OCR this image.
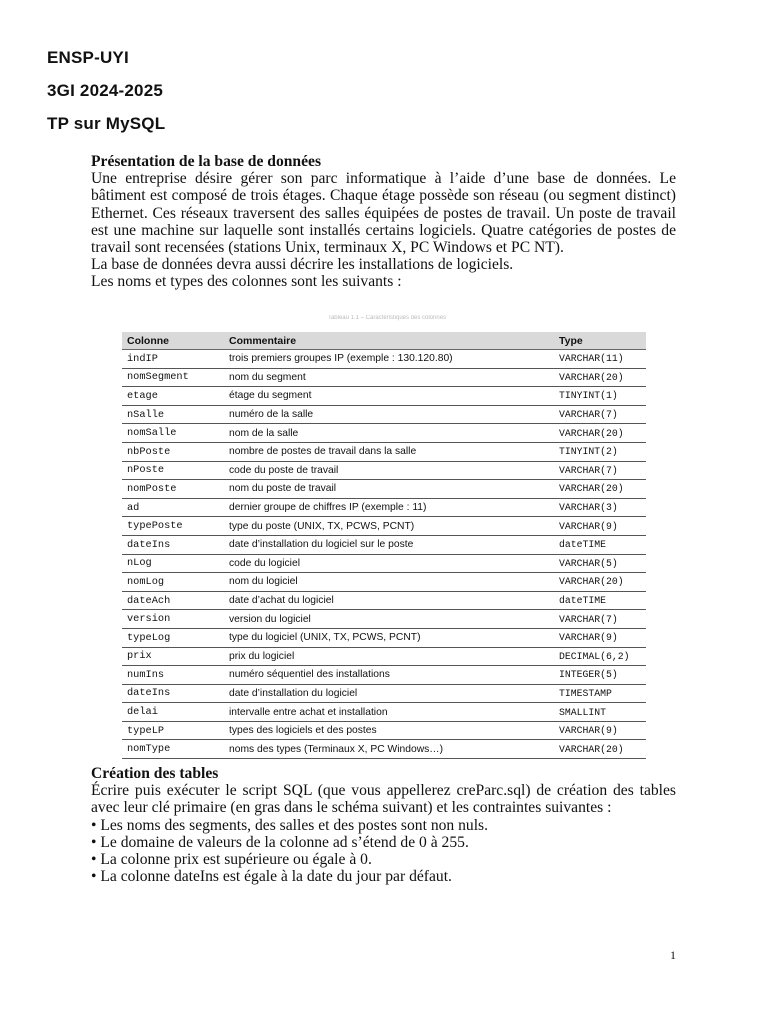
ENSP-UYI
3GI 2024-2025
TP sur MySQL
Présentation de la base de données

Une entreprise désire gérer son parc informatique à l’aide d’une base de données. Le bâtiment est composé de trois étages. Chaque étage possède son réseau (ou segment distinct) Ethernet. Ces réseaux traversent des salles équipées de postes de travail. Un poste de travail est une machine sur laquelle sont installés certains logiciels. Quatre catégories de postes de travail sont recensées (stations Unix, terminaux X, PC Windows et PC NT).

La base de données devra aussi décrire les installations de logiciels.

Les noms et types des colonnes sont les suivants :

Tableau 1.1 – Caractéristiques des colonnes
Colonne	Commentaire	Type
indIP	trois premiers groupes IP (exemple : 130.120.80)	VARCHAR(11)
nomSegment	nom du segment	VARCHAR(20)
etage	étage du segment	TINYINT(1)
nSalle	numéro de la salle	VARCHAR(7)
nomSalle	nom de la salle	VARCHAR(20)
nbPoste	nombre de postes de travail dans la salle	TINYINT(2)
nPoste	code du poste de travail	VARCHAR(7)
nomPoste	nom du poste de travail	VARCHAR(20)
ad	dernier groupe de chiffres IP (exemple : 11)	VARCHAR(3)
typePoste	type du poste (UNIX, TX, PCWS, PCNT)	VARCHAR(9)
dateIns	date d’installation du logiciel sur le poste	dateTIME
nLog	code du logiciel	VARCHAR(5)
nomLog	nom du logiciel	VARCHAR(20)
dateAch	date d’achat du logiciel	dateTIME
version	version du logiciel	VARCHAR(7)
typeLog	type du logiciel (UNIX, TX, PCWS, PCNT)	VARCHAR(9)
prix	prix du logiciel	DECIMAL(6,2)
numIns	numéro séquentiel des installations	INTEGER(5)
dateIns	date d’installation du logiciel	TIMESTAMP
delai	intervalle entre achat et installation	SMALLINT
typeLP	types des logiciels et des postes	VARCHAR(9)
nomType	noms des types (Terminaux X, PC Windows…)	VARCHAR(20)
Création des tables

Écrire puis exécuter le script SQL (que vous appellerez creParc.sql) de création des tables avec leur clé primaire (en gras dans le schéma suivant) et les contraintes suivantes :

• Les noms des segments, des salles et des postes sont non nuls.

• Le domaine de valeurs de la colonne ad s’étend de 0 à 255.

• La colonne prix est supérieure ou égale à 0.

• La colonne dateIns est égale à la date du jour par défaut.

1
